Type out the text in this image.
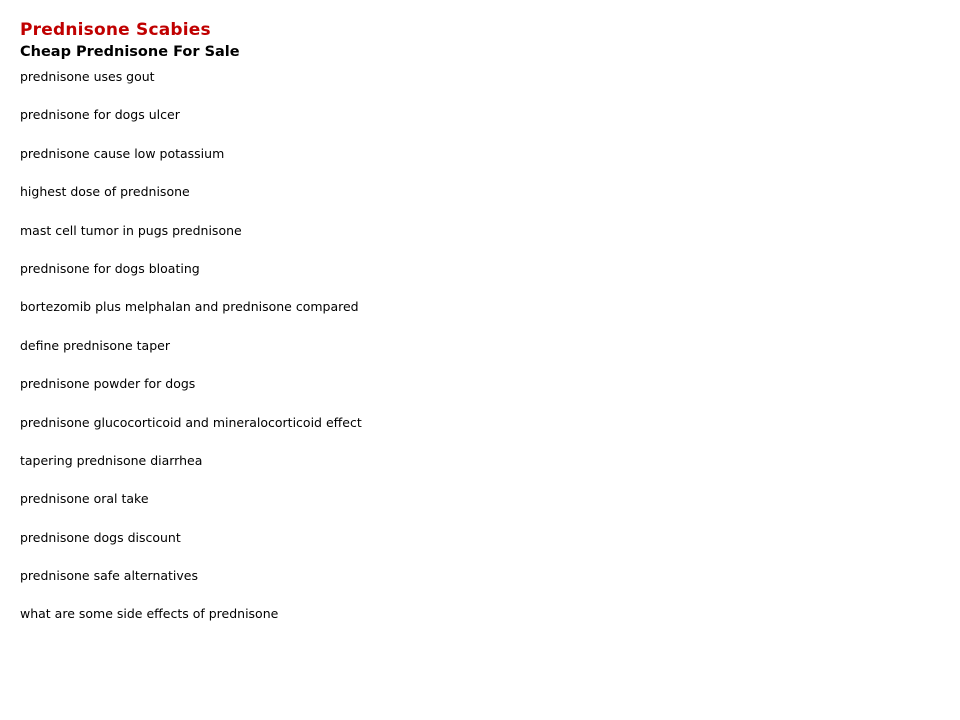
Prednisone Scabies
Cheap Prednisone For Sale
prednisone uses gout
prednisone for dogs ulcer
prednisone cause low potassium
highest dose of prednisone
mast cell tumor in pugs prednisone
prednisone for dogs bloating
bortezomib plus melphalan and prednisone compared
define prednisone taper
prednisone powder for dogs
prednisone glucocorticoid and mineralocorticoid effect
tapering prednisone diarrhea
prednisone oral take
prednisone dogs discount
prednisone safe alternatives
what are some side effects of prednisone
